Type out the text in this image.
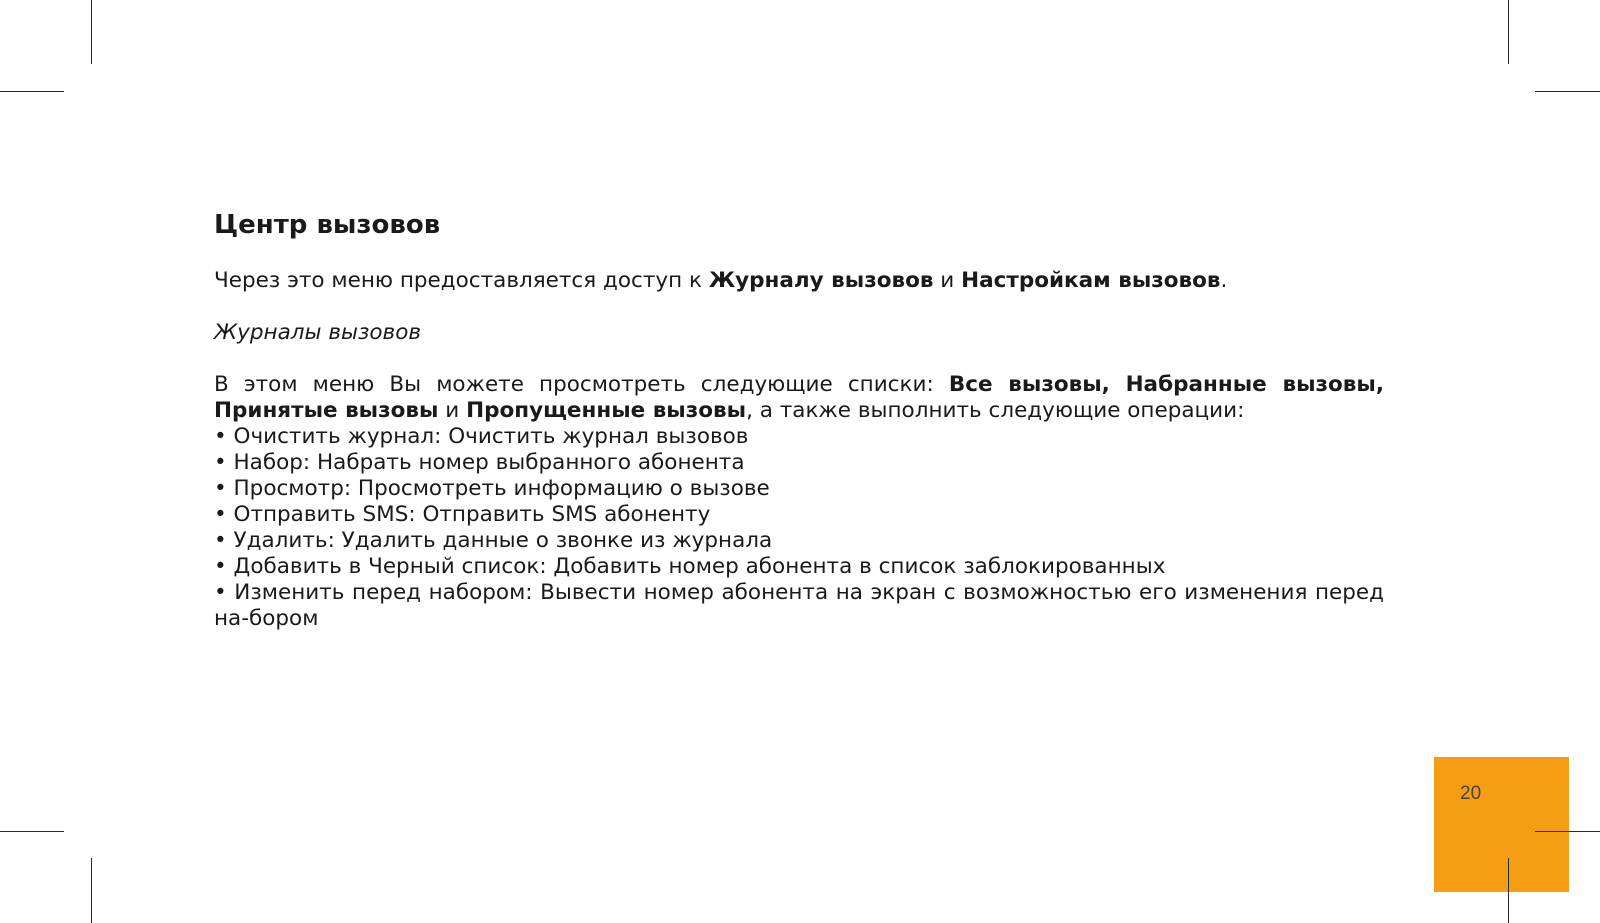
Центр вызовов
Через это меню предоставляется доступ к Журналу вызовов и Настройкам вызовов.
Журналы вызовов
В этом меню Вы можете просмотреть следующие списки: Все вызовы, Набранные вызовы, Принятые вызовы и Пропущенные вызовы, а также выполнить следующие операции:
• Очистить журнал: Очистить журнал вызовов
• Набор: Набрать номер выбранного абонента
• Просмотр: Просмотреть информацию о вызове
• Отправить SMS: Отправить SMS абоненту
• Удалить: Удалить данные о звонке из журнала
• Добавить в Черный список: Добавить номер абонента в список заблокированных
• Изменить перед набором: Вывести номер абонента на экран с возможностью его изменения перед на-бором
20
